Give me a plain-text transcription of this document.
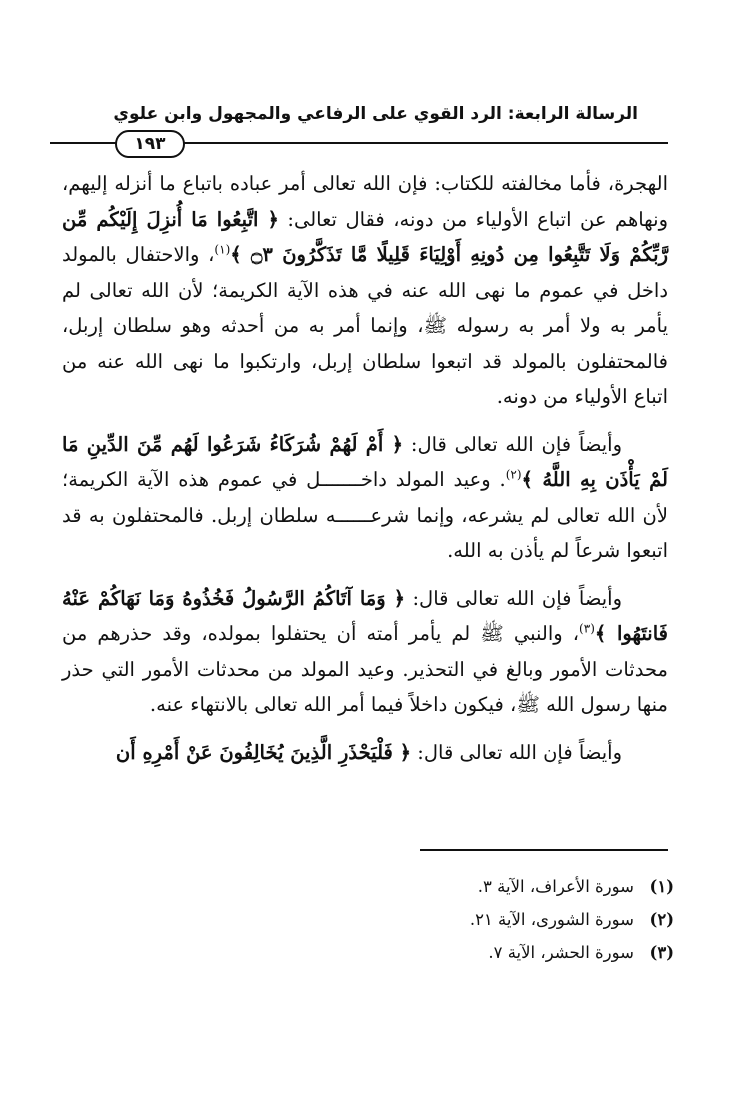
الرسالة الرابعة: الرد القوي على الرفاعي والمجهول وابن علوي
١٩٣

الهجرة، فأما مخالفته للكتاب: فإن الله تعالى أمر عباده باتباع ما أنزله إليهم، ونهاهم عن اتباع الأولياء من دونه، فقال تعالى: ﴿ اتَّبِعُوا مَا أُنزِلَ إِلَيْكُم مِّن رَّبِّكُمْ وَلَا تَتَّبِعُوا مِن دُونِهِ أَوْلِيَاءَ قَلِيلًا مَّا تَذَكَّرُونَ ۝٣ ﴾$^{(١)}$، والاحتفال بالمولد داخل في عموم ما نهى الله عنه في هذه الآية الكريمة؛ لأن الله تعالى لم يأمر به ولا أمر به رسوله ﷺ، وإنما أمر به من أحدثه وهو سلطان إربل، فالمحتفلون بالمولد قد اتبعوا سلطان إربل، وارتكبوا ما نهى الله عنه من اتباع الأولياء من دونه.

وأيضاً فإن الله تعالى قال: ﴿ أَمْ لَهُمْ شُرَكَاءُ شَرَعُوا لَهُم مِّنَ الدِّينِ مَا لَمْ يَأْذَن بِهِ اللَّهُ ﴾$^{(٢)}$. وعيد المولد داخـــــــل في عموم هذه الآية الكريمة؛ لأن الله تعالى لم يشرعه، وإنما شرعــــــه سلطان إربل. فالمحتفلون به قد اتبعوا شرعاً لم يأذن به الله.

وأيضاً فإن الله تعالى قال: ﴿ وَمَا آتَاكُمُ الرَّسُولُ فَخُذُوهُ وَمَا نَهَاكُمْ عَنْهُ فَانتَهُوا ﴾$^{(٣)}$، والنبي ﷺ لم يأمر أمته أن يحتفلوا بمولده، وقد حذرهم من محدثات الأمور وبالغ في التحذير. وعيد المولد من محدثات الأمور التي حذر منها رسول الله ﷺ، فيكون داخلاً فيما أمر الله تعالى بالانتهاء عنه.

وأيضاً فإن الله تعالى قال: ﴿ فَلْيَحْذَرِ الَّذِينَ يُخَالِفُونَ عَنْ أَمْرِهِ أَن

(١)سورة الأعراف، الآية ٣.
(٢)سورة الشورى، الآية ٢١.
(٣)سورة الحشر، الآية ٧.
